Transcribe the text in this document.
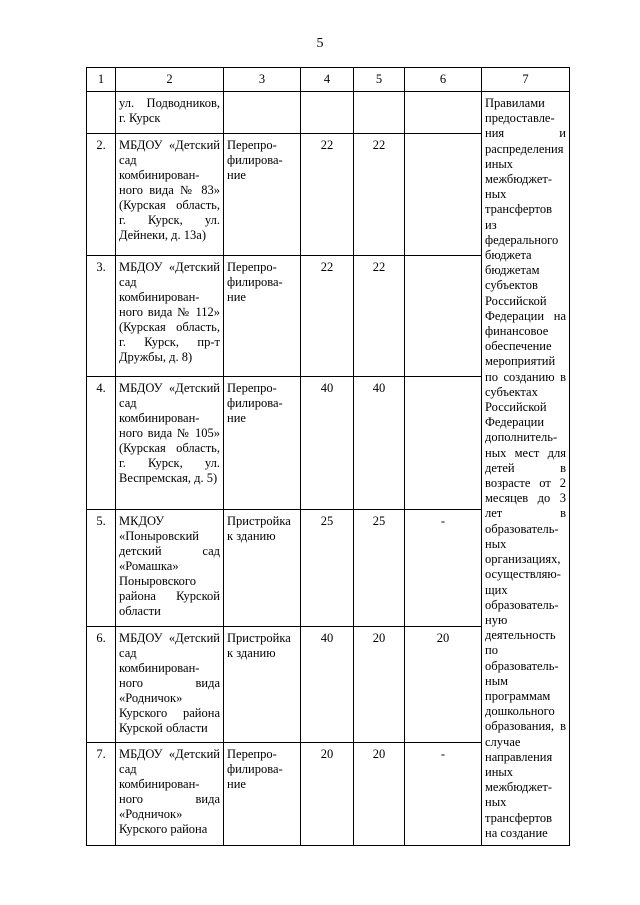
5
1	2	3	4	5	6	7
	ул. Подводников, г. Курск					Правилами предоставле-ния и распределения иных межбюджет-ных трансфертов из федерального бюджета бюджетам субъектов Российской Федерации на финансовое обеспечение мероприятий по созданию в субъектах Российской Федерации дополнитель-ных мест для детей в возрасте от 2 месяцев до 3 лет в образователь-ных организациях, осуществляю-щих образователь-ную деятельность по образователь-ным программам дошкольного образования, в случае направления иных межбюджет-ных трансфертов на создание
2.	МБДОУ «Детский сад комбинирован-ного вида № 83» (Курская область, г. Курск, ул. Дейнеки, д. 13а)	Перепро-филирова-ние	22	22		
3.	МБДОУ «Детский сад комбинирован-ного вида № 112» (Курская область, г. Курск, пр-т Дружбы, д. 8)	Перепро-филирова-ние	22	22		
4.	МБДОУ «Детский сад комбинирован-ного вида № 105» (Курская область, г. Курск, ул. Веспремская, д. 5)	Перепро-филирова-ние	40	40		
5.	МКДОУ «Поныровский детский сад «Ромашка» Поныровского района Курской области	Пристройка к зданию	25	25	-	
6.	МБДОУ «Детский сад комбинирован-ного вида «Родничок» Курского района Курской области	Пристройка к зданию	40	20	20	
7.	МБДОУ «Детский сад комбинирован-ного вида «Родничок» Курского района	Перепро-филирова-ние	20	20	-	
